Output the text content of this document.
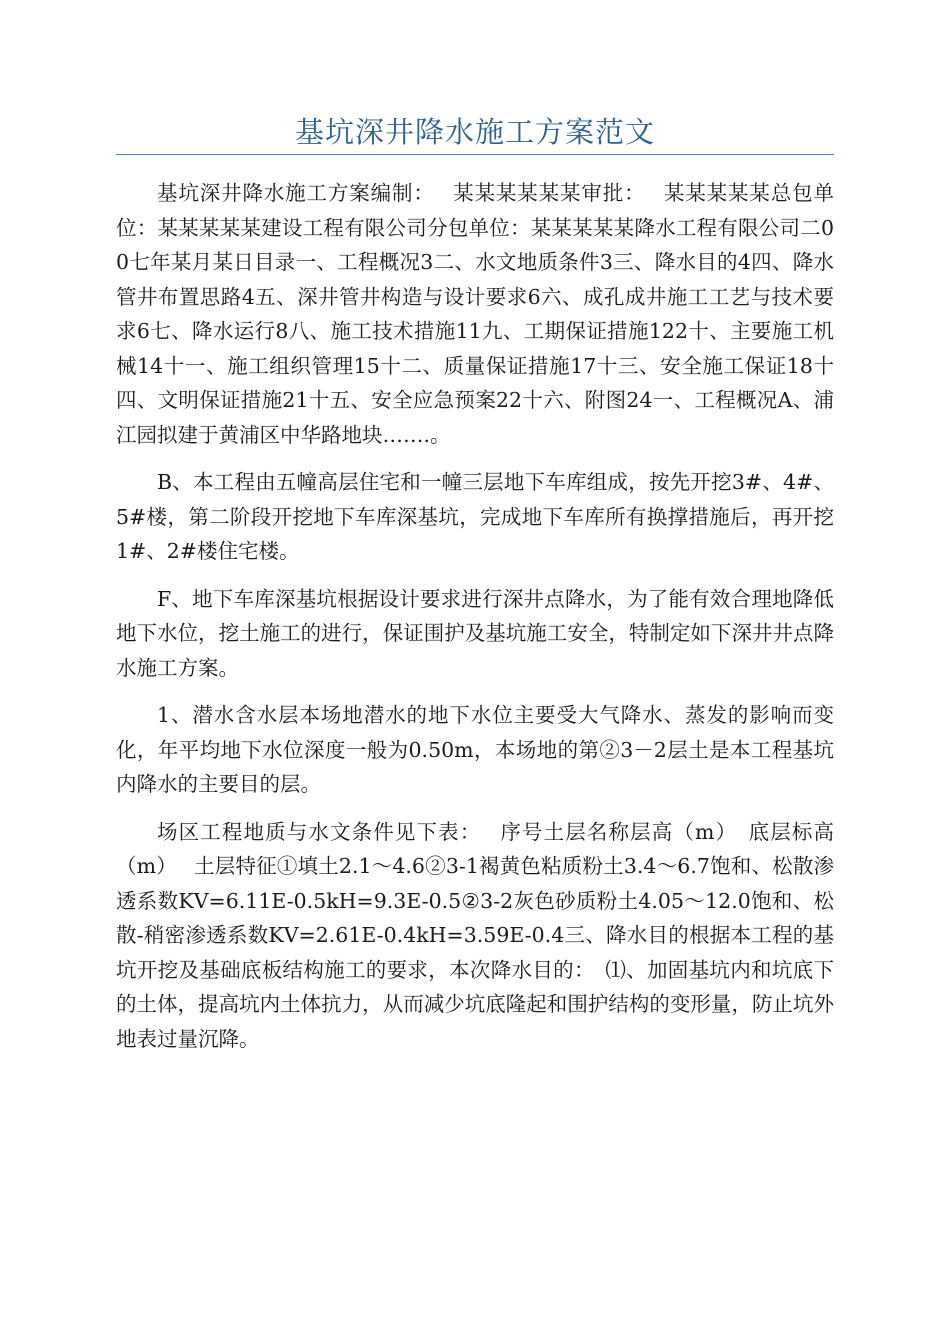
基坑深井降水施工方案范文

基坑深井降水施工方案编制：　 某某某某某某审批：　 某某某某某总包单位：某某某某某建设工程有限公司分包单位：某某某某某降水工程有限公司二00七年某月某日目录一、工程概况3二、水文地质条件3三、降水目的4四、降水管井布置思路4五、深井管井构造与设计要求6六、成孔成井施工工艺与技术要求6七、降水运行8八、施工技术措施11九、工期保证措施122十、主要施工机械14十一、施工组织管理15十二、质量保证措施17十三、安全施工保证18十四、文明保证措施21十五、安全应急预案22十六、附图24一、工程概况A、浦江园拟建于黄浦区中华路地块…….。

B、本工程由五幢高层住宅和一幢三层地下车库组成，按先开挖3#、4#、5#楼，第二阶段开挖地下车库深基坑，完成地下车库所有换撑措施后，再开挖1#、2#楼住宅楼。

F、地下车库深基坑根据设计要求进行深井点降水，为了能有效合理地降低地下水位，挖土施工的进行，保证围护及基坑施工安全，特制定如下深井井点降水施工方案。

1、潜水含水层本场地潜水的地下水位主要受大气降水、蒸发的影响而变化，年平均地下水位深度一般为0.50m，本场地的第②3－2层土是本工程基坑内降水的主要目的层。

场区工程地质与水文条件见下表：　 序号土层名称层高（m）　底层标高（m）　 土层特征①填土2.1～4.6②3-1褐黄色粘质粉土3.4～6.7饱和、松散渗透系数KV=6.11E-0.5kH=9.3E-0.5②3-2灰色砂质粉土4.05～12.0饱和、松散-稍密渗透系数KV=2.61E-0.4kH=3.59E-0.4三、降水目的根据本工程的基坑开挖及基础底板结构施工的要求，本次降水目的：　⑴、加固基坑内和坑底下的土体，提高坑内土体抗力，从而减少坑底隆起和围护结构的变形量，防止坑外地表过量沉降。
